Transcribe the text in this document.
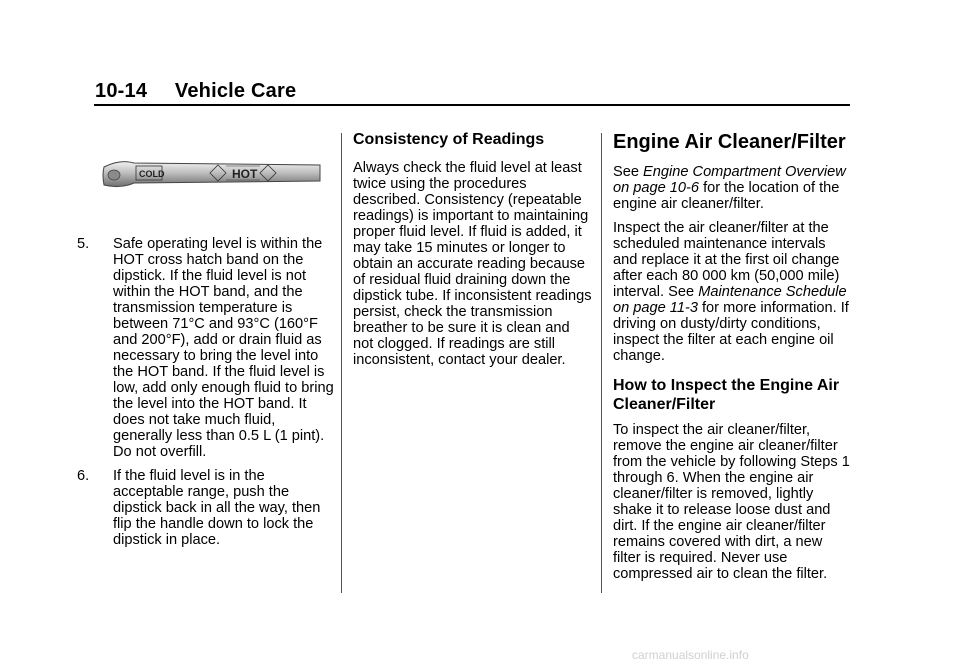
10-14 Vehicle Care
COLD	HOT
5. Safe operating level is within the HOT cross hatch band on the dipstick. If the fluid level is not within the HOT band, and the transmission temperature is between 71°C and 93°C (160°F and 200°F), add or drain fluid as necessary to bring the level into the HOT band. If the fluid level is low, add only enough fluid to bring the level into the HOT band. It does not take much fluid, generally less than 0.5 L (1 pint). Do not overfill.
6. If the fluid level is in the acceptable range, push the dipstick back in all the way, then flip the handle down to lock the dipstick in place.
Consistency of Readings

Always check the fluid level at least twice using the procedures described. Consistency (repeatable readings) is important to maintaining proper fluid level. If fluid is added, it may take 15 minutes or longer to obtain an accurate reading because of residual fluid draining down the dipstick tube. If inconsistent readings persist, check the transmission breather to be sure it is clean and not clogged. If readings are still inconsistent, contact your dealer.

Engine Air Cleaner/Filter

See Engine Compartment Overview on page 10-6 for the location of the engine air cleaner/filter.

Inspect the air cleaner/filter at the scheduled maintenance intervals and replace it at the first oil change after each 80 000 km (50,000 mile) interval. See Maintenance Schedule on page 11-3 for more information. If driving on dusty/dirty conditions, inspect the filter at each engine oil change.

How to Inspect the Engine Air Cleaner/Filter

To inspect the air cleaner/filter, remove the engine air cleaner/filter from the vehicle by following Steps 1 through 6. When the engine air cleaner/filter is removed, lightly shake it to release loose dust and dirt. If the engine air cleaner/filter remains covered with dirt, a new filter is required. Never use compressed air to clean the filter.

carmanualsonline.info
